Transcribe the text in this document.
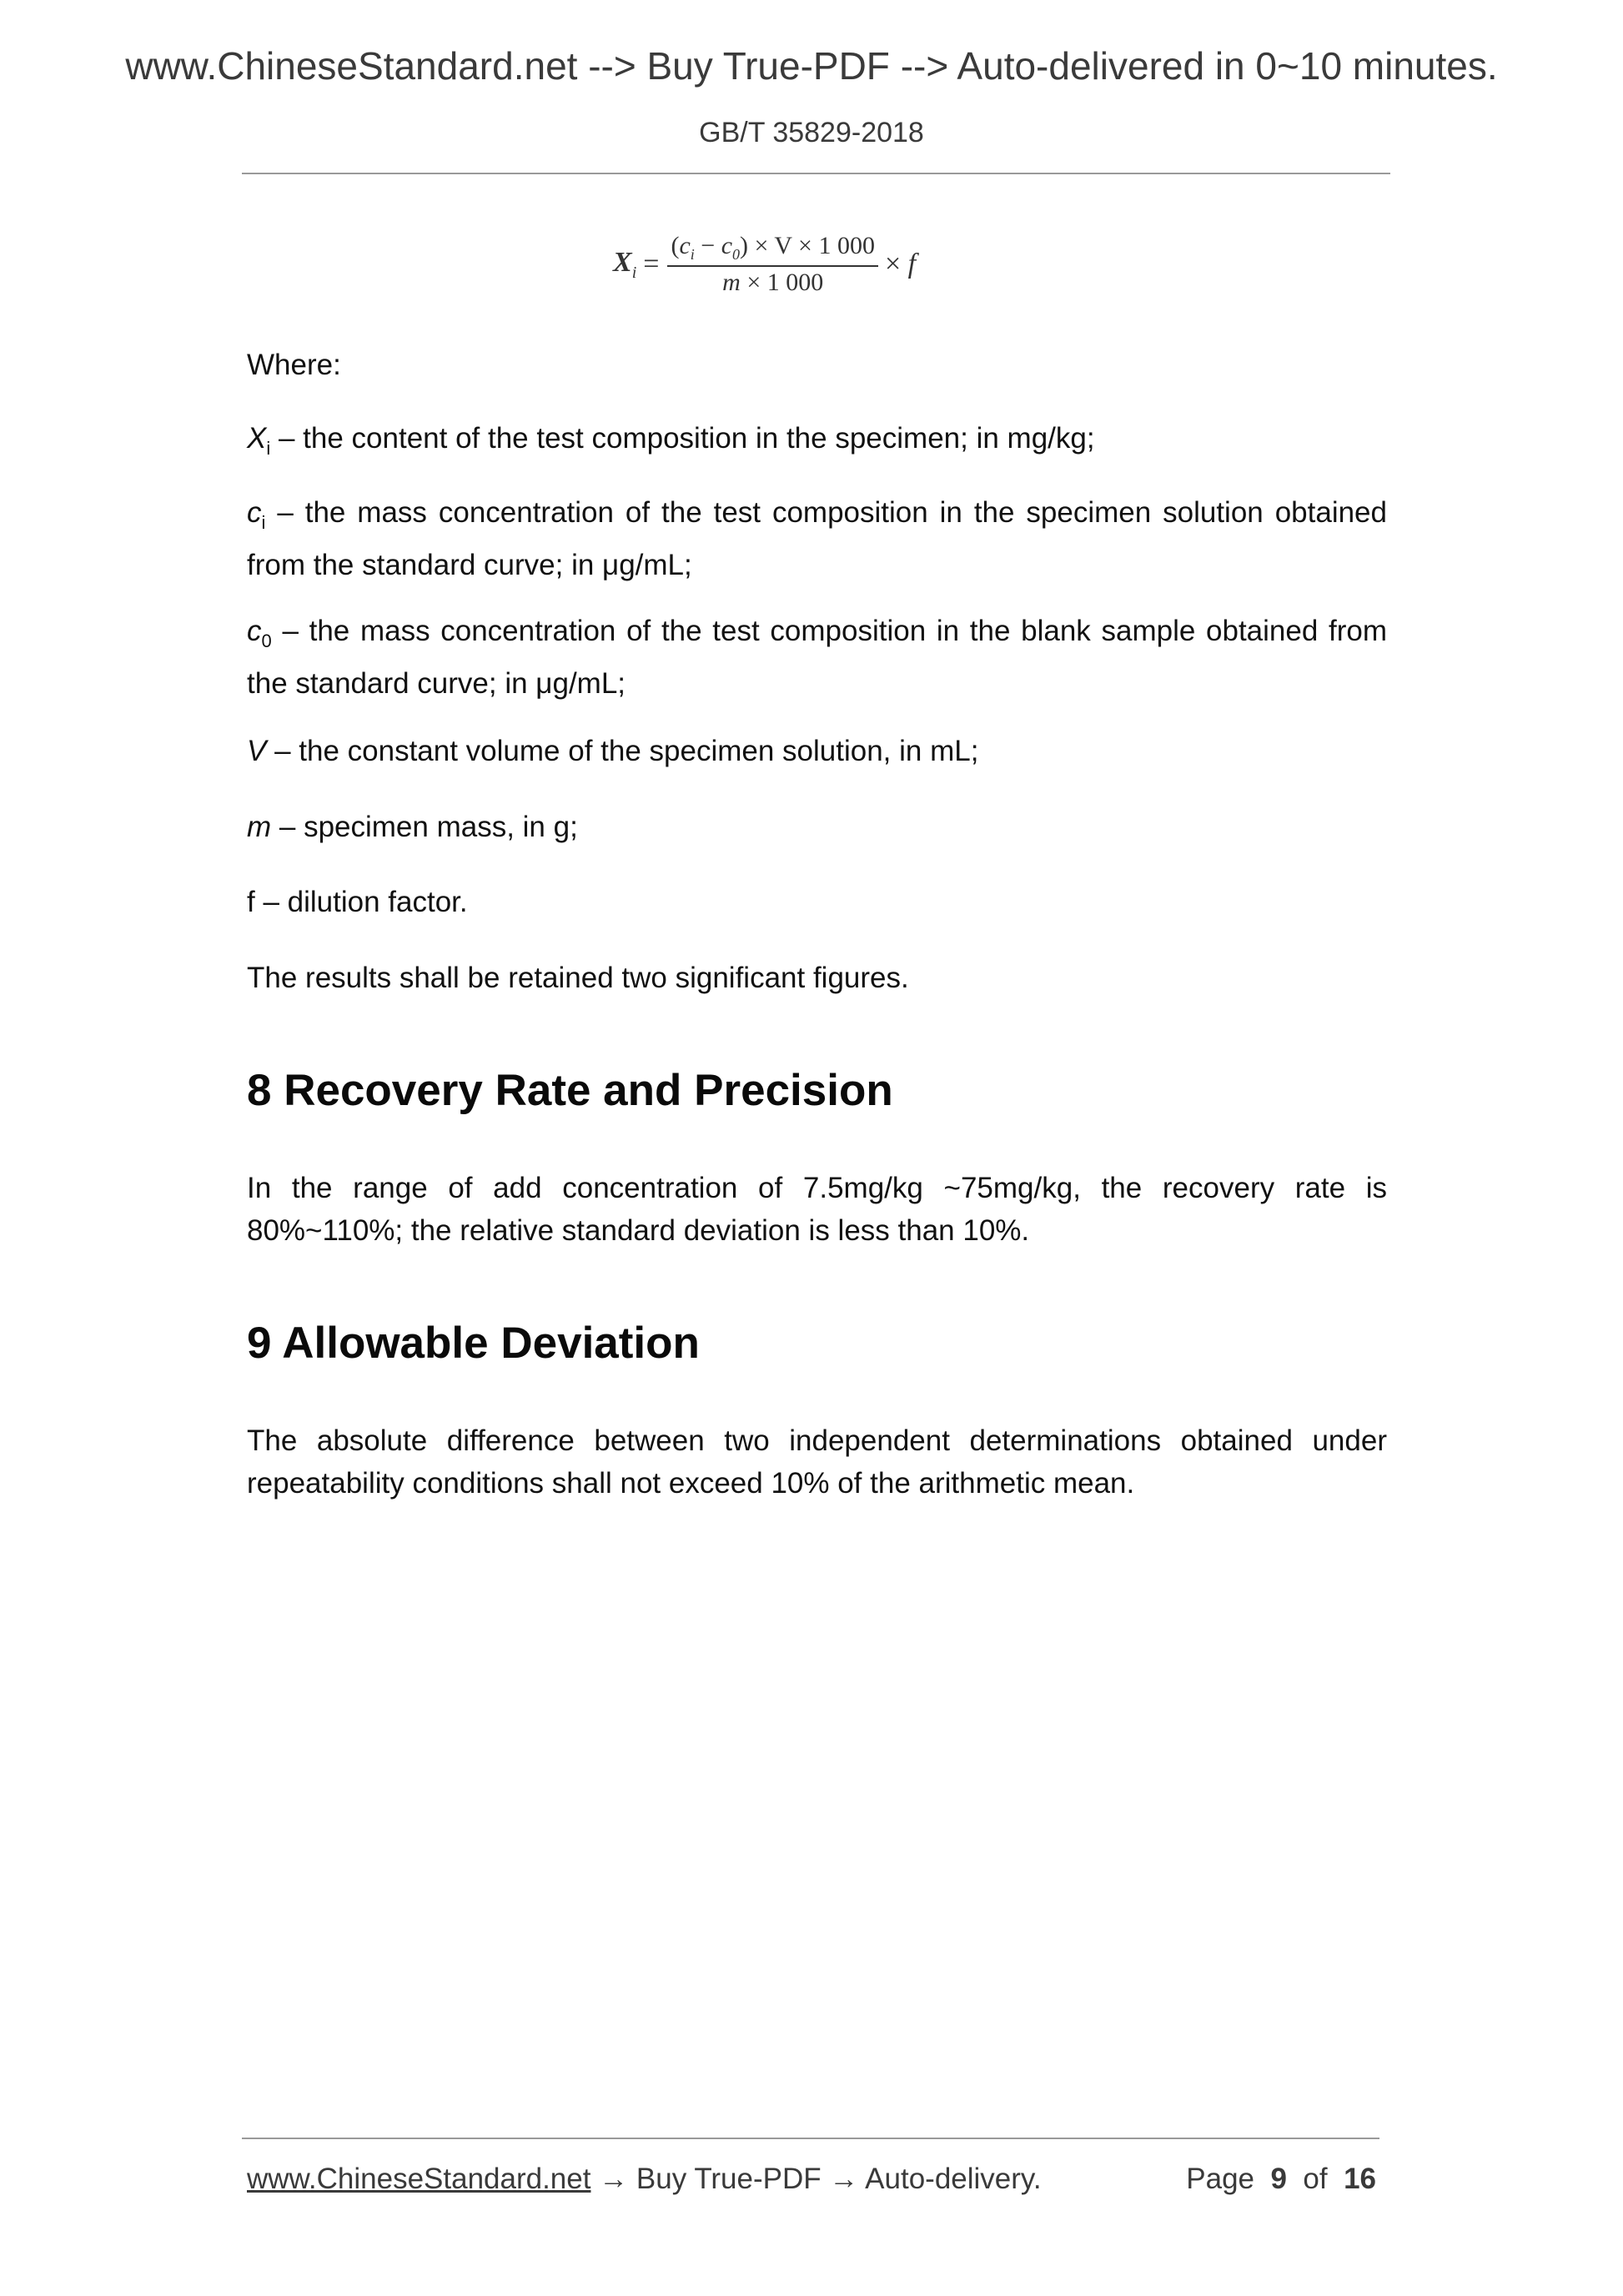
www.ChineseStandard.net --> Buy True-PDF --> Auto-delivered in 0~10 minutes.
GB/T 35829-2018
$X_i = \frac{(c_i - c_0) \times V \times 1 000}{m \times 1 000} \times f$

Where:

$X_i$ – the content of the test composition in the specimen; in mg/kg;

$c_i$ – the mass concentration of the test composition in the specimen solution obtained from the standard curve; in μg/mL;

$c_0$ – the mass concentration of the test composition in the blank sample obtained from the standard curve; in μg/mL;

V – the constant volume of the specimen solution, in mL;

m – specimen mass, in g;

f – dilution factor.

The results shall be retained two significant figures.

8 Recovery Rate and Precision

In the range of add concentration of 7.5mg/kg ~75mg/kg, the recovery rate is 80%~110%; the relative standard deviation is less than 10%.

9 Allowable Deviation

The absolute difference between two independent determinations obtained under repeatability conditions shall not exceed 10% of the arithmetic mean.

www.ChineseStandard.net → Buy True-PDF → Auto-delivery.	Page 9 of 16
